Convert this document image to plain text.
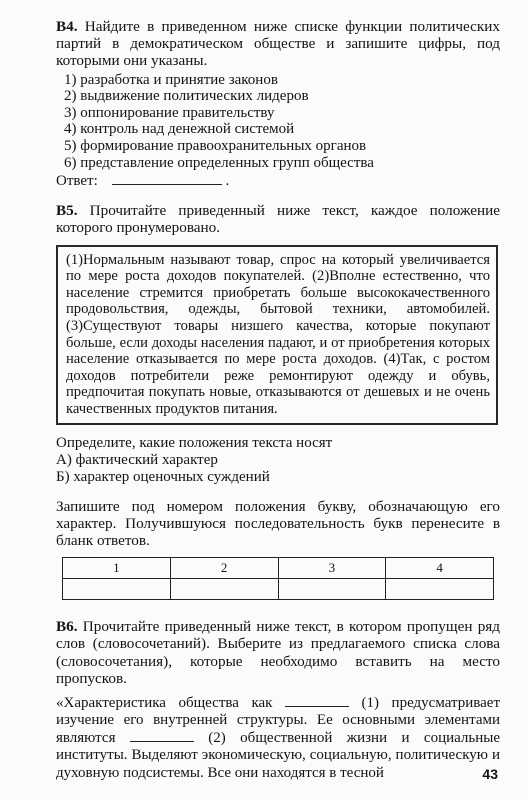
B4. Найдите в приведенном ниже списке функции политических партий в демократическом обществе и запишите цифры, под которыми они указаны.

1) разработка и принятие законов
2) выдвижение политических лидеров
3) оппонирование правительству
4) контроль над денежной системой
5) формирование правоохранительных органов
6) представление определенных групп общества

Ответ:	.

B5. Прочитайте приведенный ниже текст, каждое положение которого пронумеровано.

(1)Нормальным называют товар, спрос на который увеличивается по мере роста доходов покупателей. (2)Вполне естественно, что население стремится приобретать больше высококачественного продовольствия, одежды, бытовой техники, автомобилей. (3)Существуют товары низшего качества, которые покупают больше, если доходы населения падают, и от приобретения которых население отказывается по мере роста доходов. (4)Так, с ростом доходов потребители реже ремонтируют одежду и обувь, предпочитая покупать новые, отказываются от дешевых и не очень качественных продуктов питания.

Определите, какие положения текста носят
А) фактический характер
Б) характер оценочных суждений

Запишите под номером положения букву, обозначающую его характер. Получившуюся последовательность букв перенесите в бланк ответов.

1	2	3	4

B6. Прочитайте приведенный ниже текст, в котором пропущен ряд слов (словосочетаний). Выберите из предлагаемого списка слова (словосочетания), которые необходимо вставить на место пропусков.

«Характеристика общества как	(1) предусматривает изучение его внутренней структуры. Ее основными элементами являются	(2) общественной жизни и социальные институты. Выделяют экономическую, социальную, политическую и духовную подсистемы. Все они находятся в тесной	43
